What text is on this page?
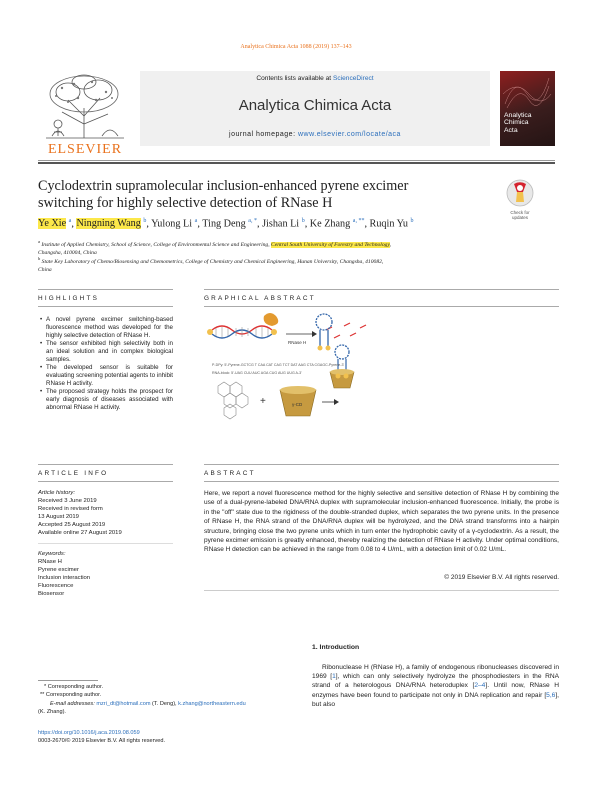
Analytica Chimica Acta 1088 (2019) 137–143
ELSEVIER
Contents lists available at ScienceDirect
Analytica Chimica Acta
journal homepage: www.elsevier.com/locate/aca
Analytica
Chimica
Acta
Cyclodextrin supramolecular inclusion-enhanced pyrene excimer
switching for highly selective detection of RNase H
Check for updates
Ye Xie $^a$, Ningning Wang $^b$, Yulong Li $^a$, Ting Deng $^{a, *}$, Jishan Li $^b$, Ke Zhang $^{a, **}$, Ruqin Yu $^b$
$^a$ Institute of Applied Chemistry, School of Science, College of Environmental Science and Engineering, Central South University of Forestry and Technology,
Changsha, 410004, China
$^b$ State Key Laboratory of Chemo/Biosensing and Chemometrics, College of Chemistry and Chemical Engineering, Hunan University, Changsha, 410082,
China
HIGHLIGHTS
• A novel pyrene excimer switching-based fluorescence method was developed for the highly selective detection of RNase H.
• The sensor exhibited high selectivity both in an ideal solution and in complex biological samples.
• The developed sensor is suitable for evaluating screening potential agents to inhibit RNase H activity.
• The proposed strategy holds the prospect for early diagnosis of diseases associated with abnormal RNase H activity.
GRAPHICAL ABSTRACT
RNase H
P-DPy: 5'-Pyrene-GCTCG T CAA CAT CAG TCT DAT AAG CTA CGAGC-Pyrene-3'
RNA-block: 5'-UAG CUU AUC AGA CUG AUG UUG A-3'
+	γ-CD
ARTICLE INFO
Article history:
Received 3 June 2019
Received in revised form
13 August 2019
Accepted 25 August 2019
Available online 27 August 2019
Keywords:
RNase H
Pyrene excimer
Inclusion interaction
Fluorescence
Biosensor
ABSTRACT
Here, we report a novel fluorescence method for the highly selective and sensitive detection of RNase H by combining the use of a dual-pyrene-labeled DNA/RNA duplex with supramolecular inclusion-enhanced fluorescence. Initially, the probe is in the "off" state due to the rigidness of the double-stranded duplex, which separates the two pyrene units. In the presence of RNase H, the RNA strand of the DNA/RNA duplex will be hydrolyzed, and the DNA strand transforms into a hairpin structure, bringing close the two pyrene units which in turn enter the hydrophobic cavity of a γ-cyclodextrin. As a result, the pyrene excimer emission is greatly enhanced, thereby realizing the detection of RNase H activity. Under optimal conditions, RNase H detection can be achieved in the range from 0.08 to 4 U/mL, with a detection limit of 0.02 U/mL.
© 2019 Elsevier B.V. All rights reserved.
1. Introduction
Ribonuclease H (RNase H), a family of endogenous ribonucleases discovered in 1969 [1], which can only selectively hydrolyze the phosphodiesters in the RNA strand of a heterologous DNA/RNA heteroduplex [2–4]. Until now, RNase H enzymes have been found to participate not only in DNA replication and repair [5,6], but also
* Corresponding author.
** Corresponding author.
E-mail addresses: mzri_dt@hotmail.com (T. Deng), k.zhang@northeastern.edu
(K. Zhang).
https://doi.org/10.1016/j.aca.2019.08.059
0003-2670/© 2019 Elsevier B.V. All rights reserved.
